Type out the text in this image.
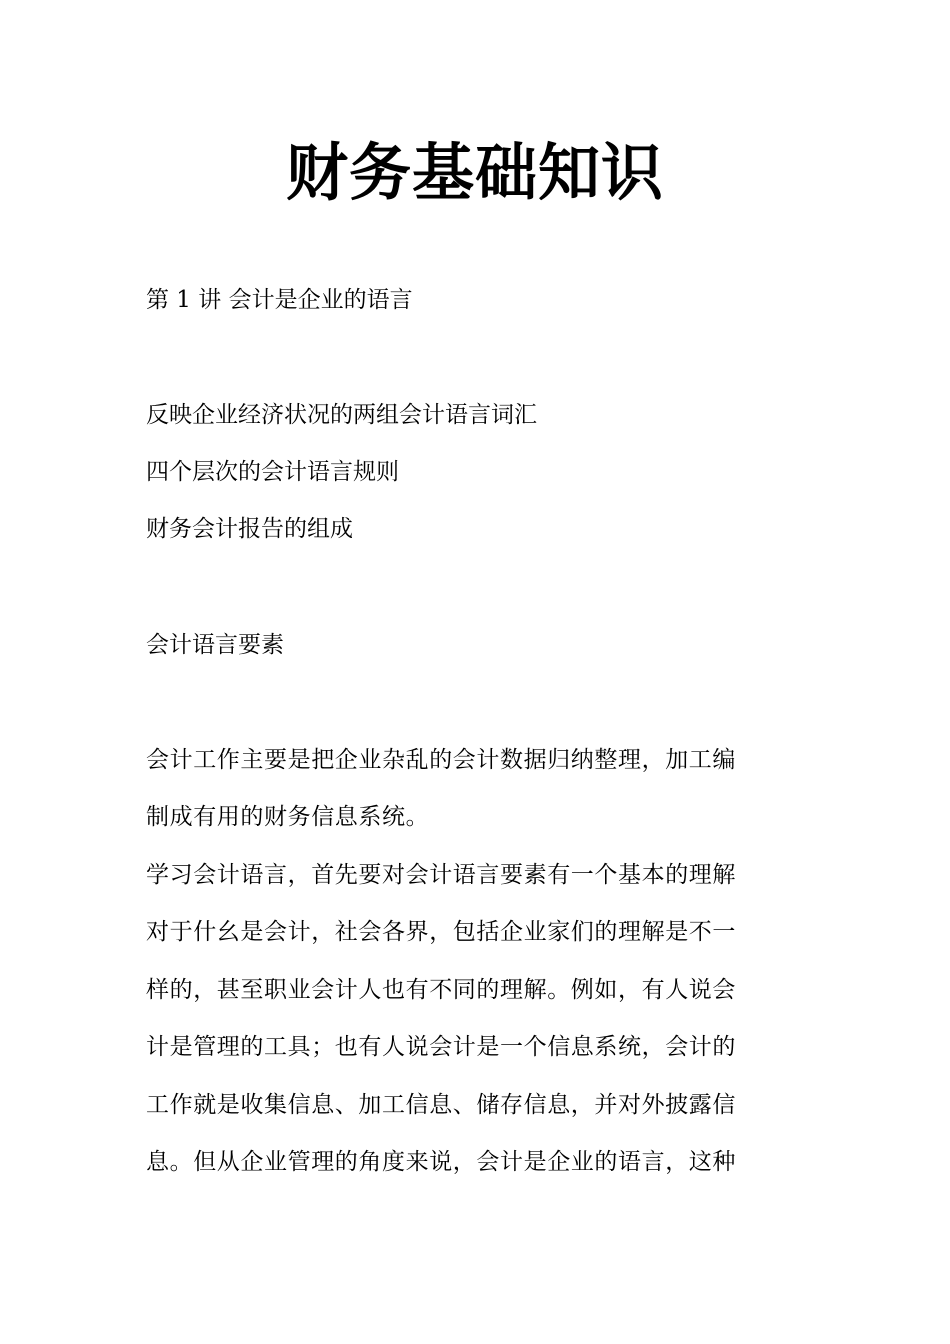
财务基础知识
第 1 讲 会计是企业的语言
反映企业经济状况的两组会计语言词汇
四个层次的会计语言规则
财务会计报告的组成
会计语言要素
会计工作主要是把企业杂乱的会计数据归纳整理，加工编
制成有用的财务信息系统。
学习会计语言，首先要对会计语言要素有一个基本的理解
对于什幺是会计，社会各界，包括企业家们的理解是不一
样的，甚至职业会计人也有不同的理解。例如，有人说会
计是管理的工具；也有人说会计是一个信息系统，会计的
工作就是收集信息、加工信息、储存信息，并对外披露信
息。但从企业管理的角度来说，会计是企业的语言，这种
